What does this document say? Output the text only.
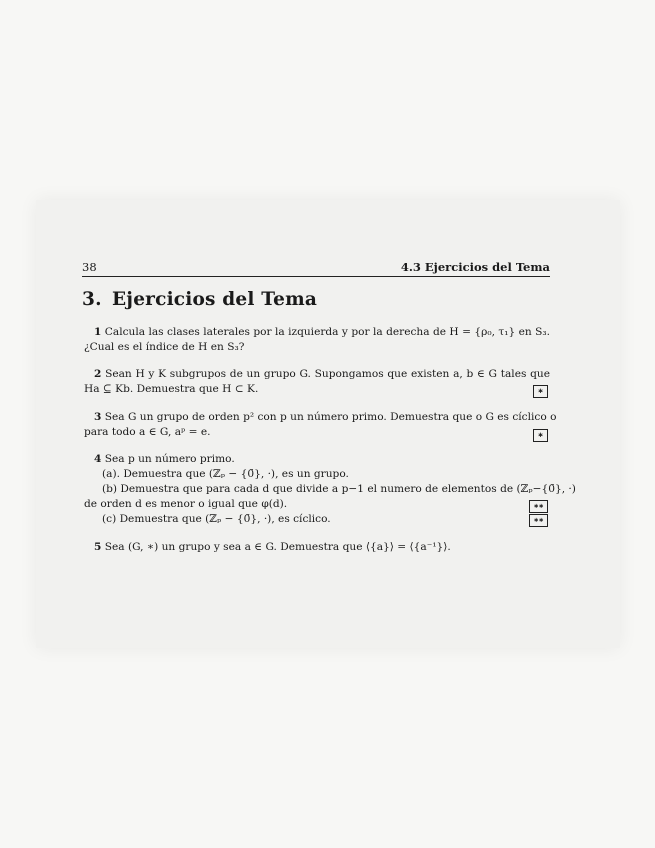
38	4.3 Ejercicios del Tema
3. Ejercicios del Tema
1 Calcula las clases laterales por la izquierda y por la derecha de H = {ρ₀, τ₁} en S₃.
¿Cual es el índice de H en S₃?
2 Sean H y K subgrupos de un grupo G. Supongamos que existen a, b ∈ G tales que
Ha ⊆ Kb. Demuestra que H ⊂ K.	∗
3 Sea G un grupo de orden p² con p un número primo. Demuestra que o G es cíclico o
para todo a ∈ G, aᵖ = e.	∗
4 Sea p un número primo.
(a). Demuestra que (ℤₚ − {0̄}, ·), es un grupo.
(b) Demuestra que para cada d que divide a p−1 el numero de elementos de (ℤₚ−{0̄}, ·)
de orden d es menor o igual que φ(d).	∗∗
(c) Demuestra que (ℤₚ − {0̄}, ·), es cíclico.	∗∗
5 Sea (G, ∗) un grupo y sea a ∈ G. Demuestra que ⟨{a}⟩ = ⟨{a⁻¹}⟩.
